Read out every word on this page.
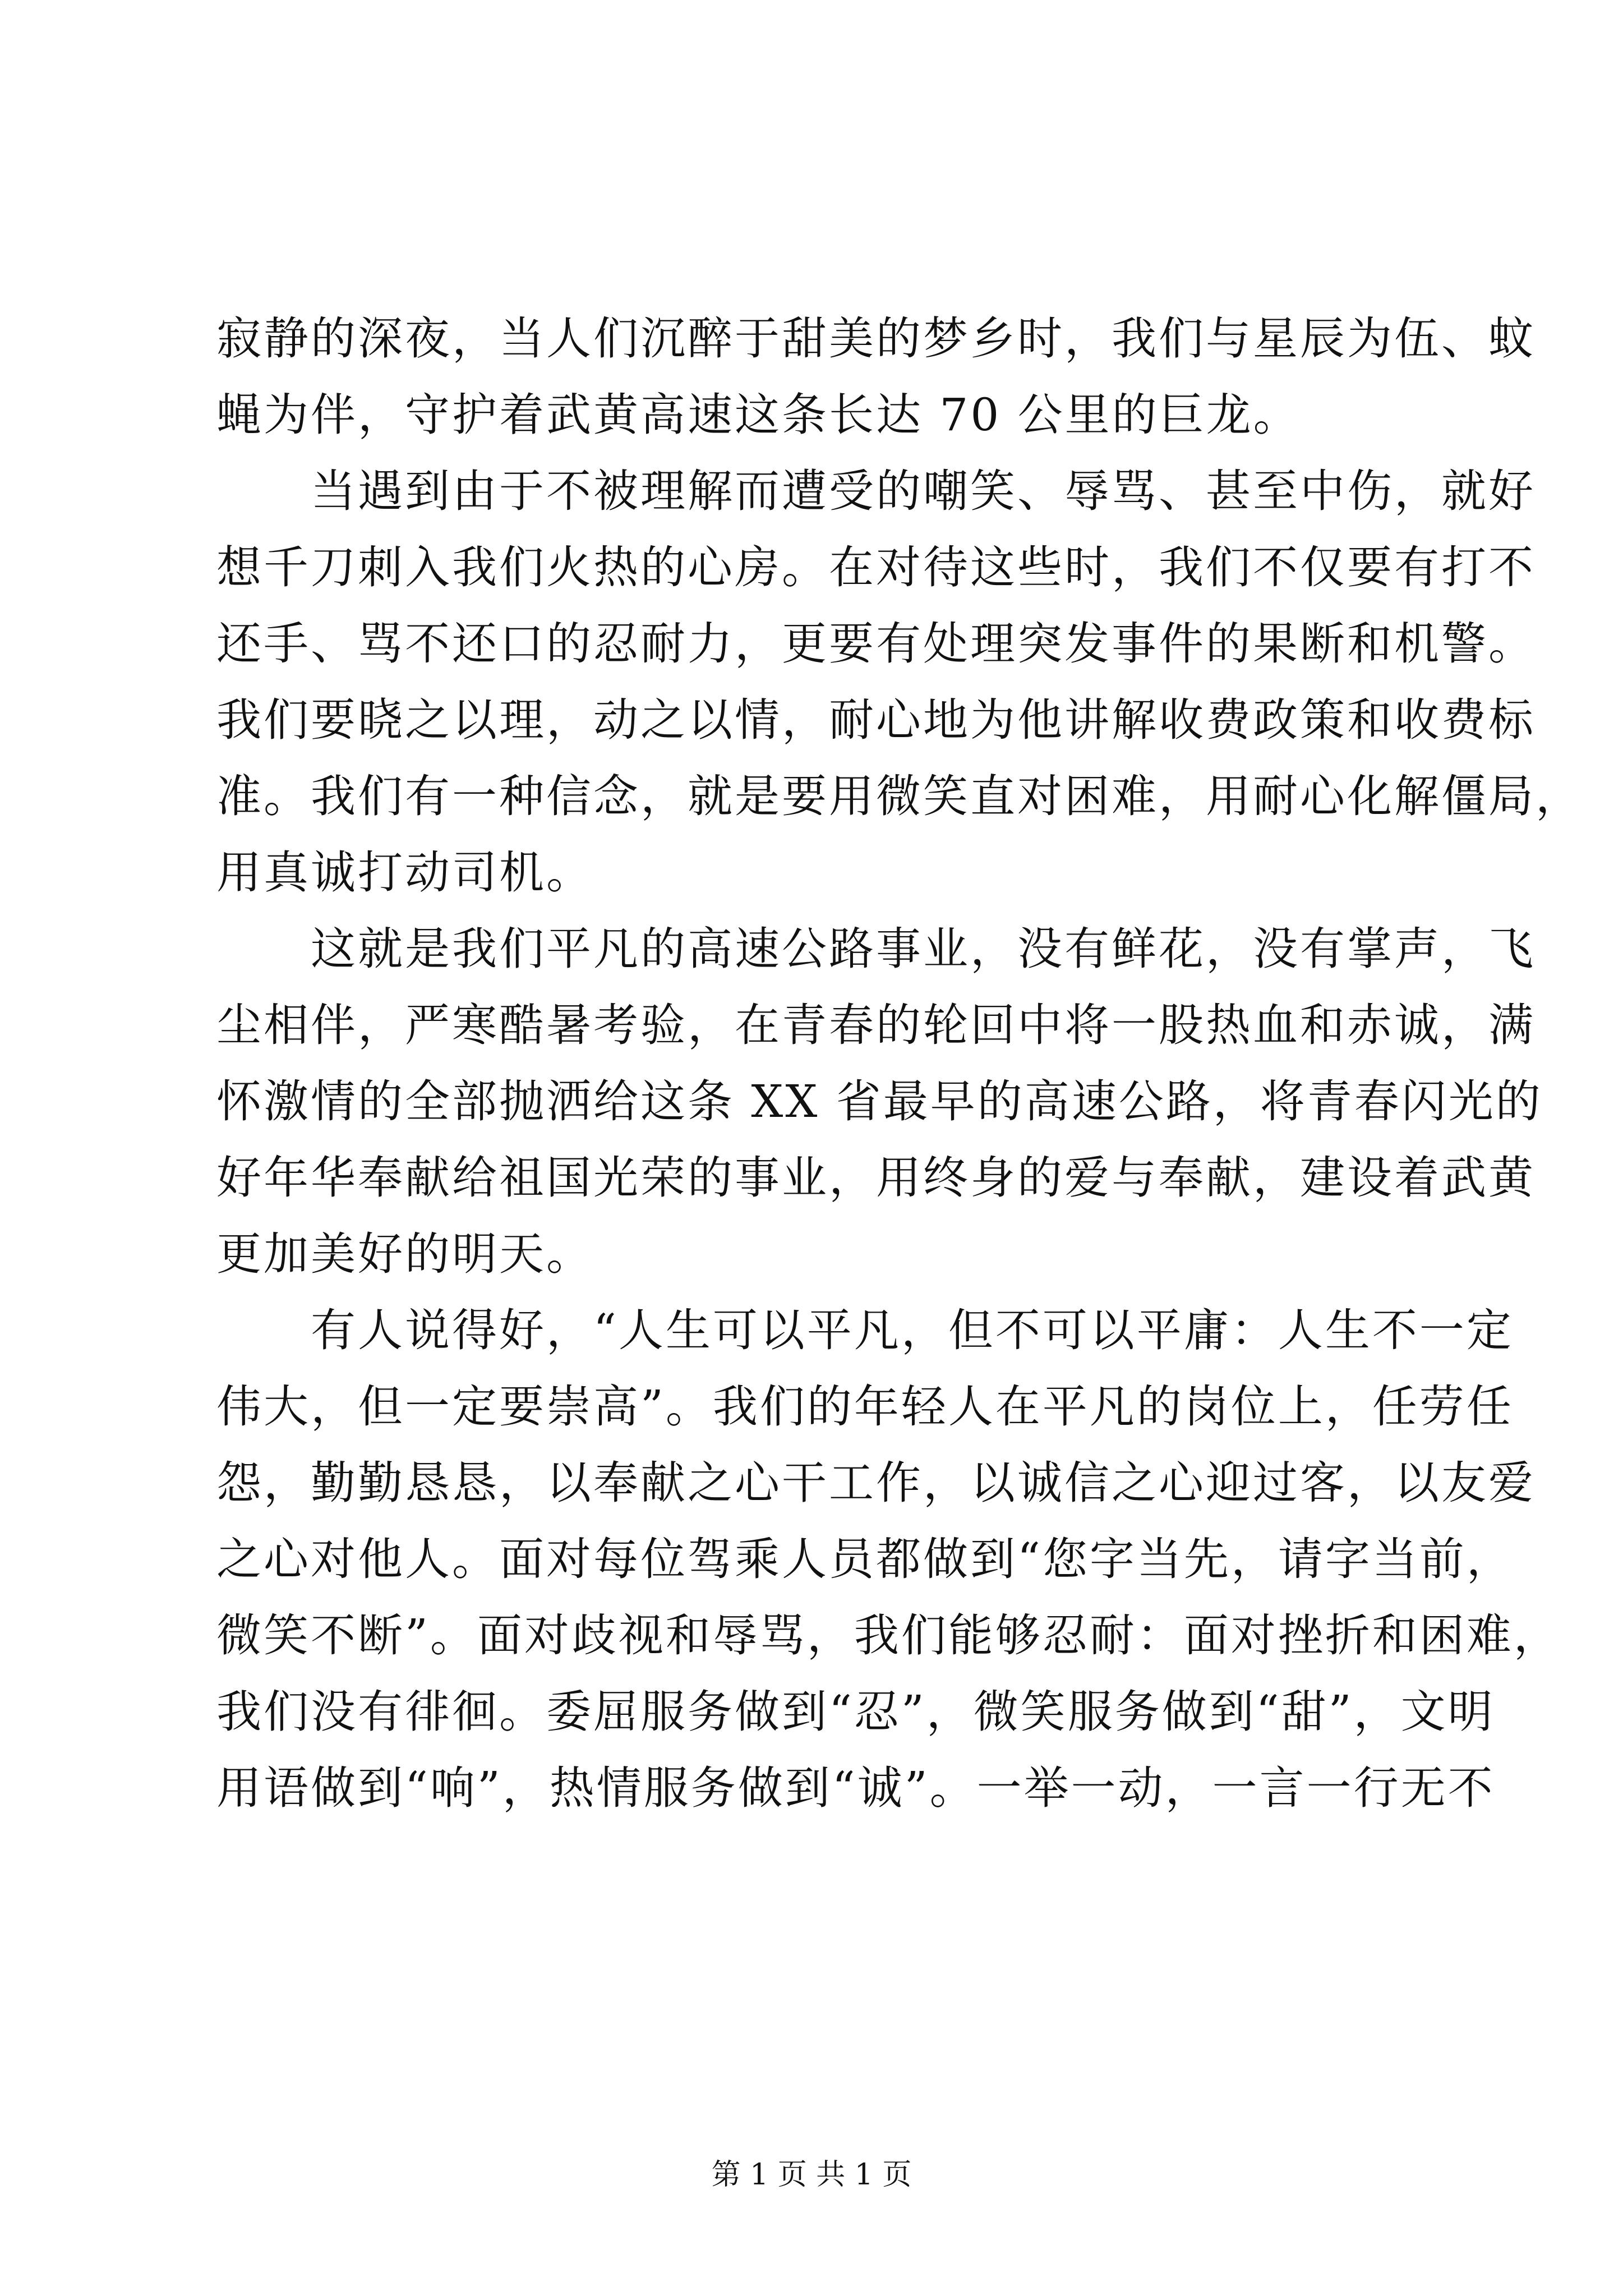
寂静的深夜，当人们沉醉于甜美的梦乡时，我们与星辰为伍、蚊
蝇为伴，守护着武黄高速这条长达 70 公里的巨龙。
当遇到由于不被理解而遭受的嘲笑、辱骂、甚至中伤，就好
想千刀刺入我们火热的心房。在对待这些时，我们不仅要有打不
还手、骂不还口的忍耐力，更要有处理突发事件的果断和机警。
我们要晓之以理，动之以情，耐心地为他讲解收费政策和收费标
准。我们有一种信念，就是要用微笑直对困难，用耐心化解僵局，
用真诚打动司机。
这就是我们平凡的高速公路事业，没有鲜花，没有掌声，飞
尘相伴，严寒酷暑考验，在青春的轮回中将一股热血和赤诚，满
怀激情的全部抛洒给这条 XX 省最早的高速公路，将青春闪光的
好年华奉献给祖国光荣的事业，用终身的爱与奉献，建设着武黄
更加美好的明天。
有人说得好，“人生可以平凡，但不可以平庸：人生不一定
伟大，但一定要崇高”。我们的年轻人在平凡的岗位上，任劳任
怨，勤勤恳恳，以奉献之心干工作，以诚信之心迎过客，以友爱
之心对他人。面对每位驾乘人员都做到“您字当先，请字当前，
微笑不断”。面对歧视和辱骂，我们能够忍耐：面对挫折和困难，
我们没有徘徊。委屈服务做到“忍”，微笑服务做到“甜”，文明
用语做到“响”，热情服务做到“诚”。一举一动，一言一行无不
第 1 页 共 1 页
